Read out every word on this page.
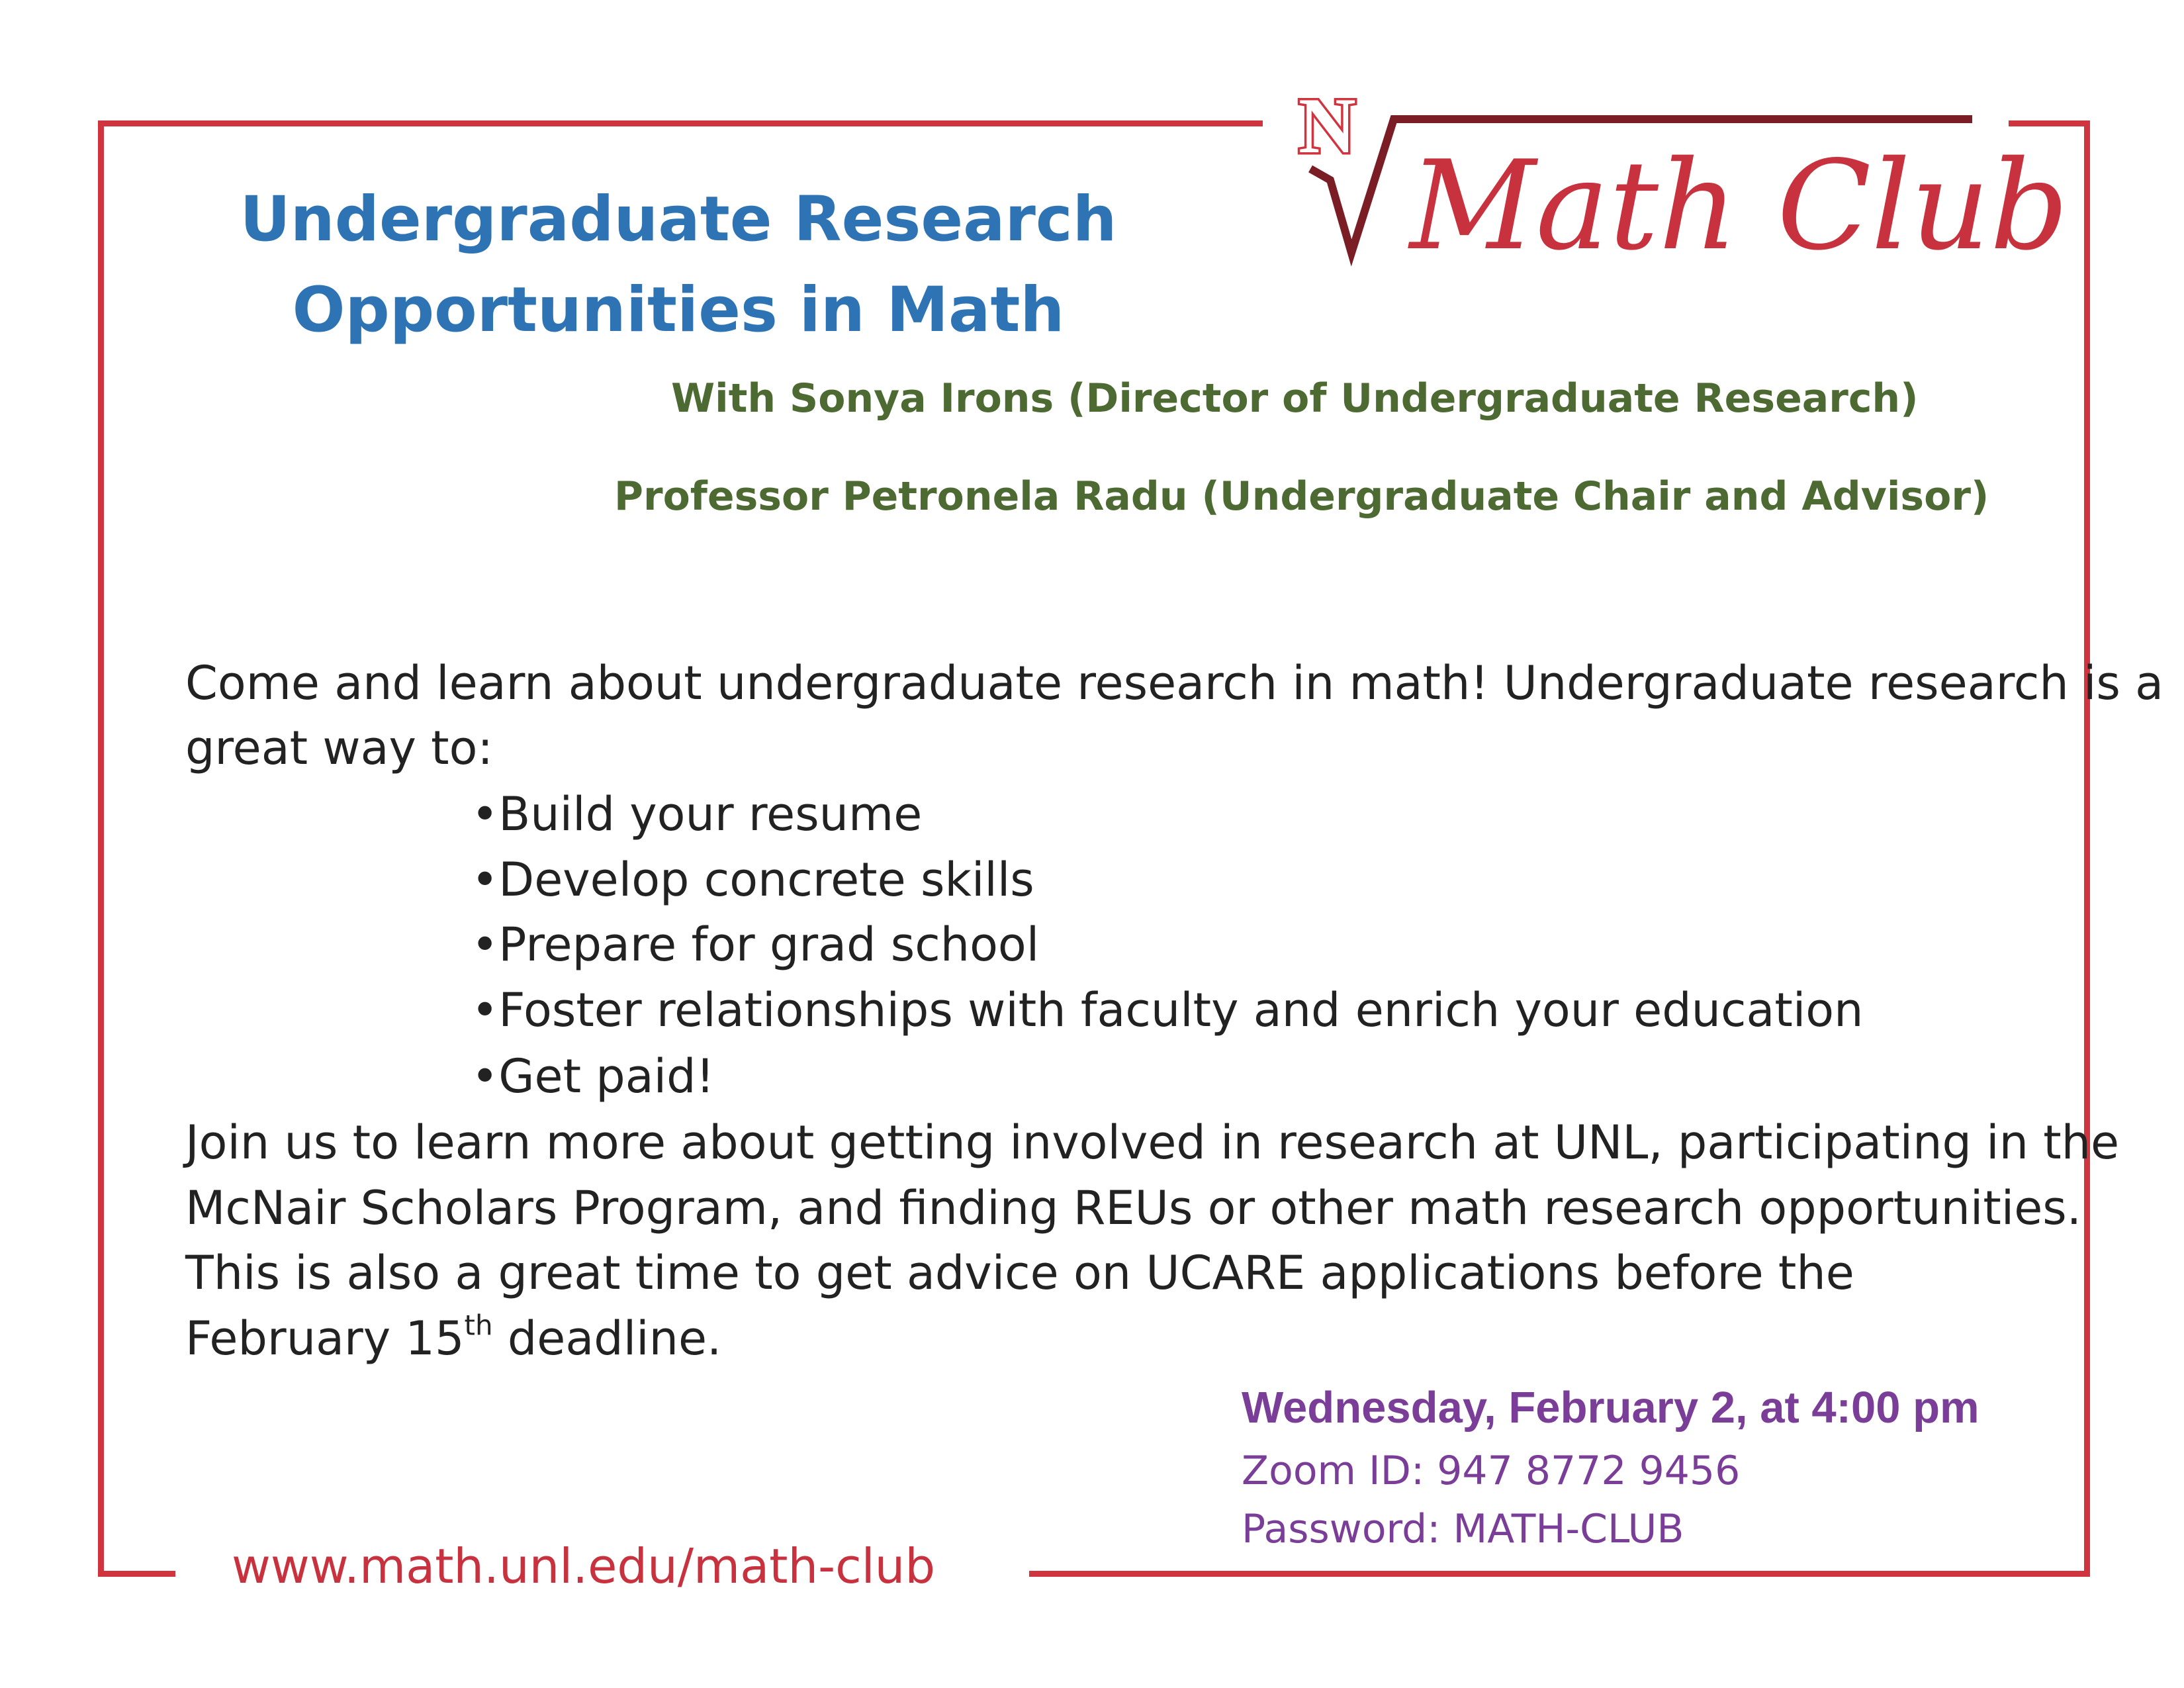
N
Math Club
Undergraduate Research
Opportunities in Math
With Sonya Irons (Director of Undergraduate Research)
Professor Petronela Radu (Undergraduate Chair and Advisor)
Come and learn about undergraduate research in math! Undergraduate research is a
great way to:
•Build your resume
•Develop concrete skills
•Prepare for grad school
•Foster relationships with faculty and enrich your education
•Get paid!
Join us to learn more about getting involved in research at UNL, participating in the
McNair Scholars Program, and finding REUs or other math research opportunities.
This is also a great time to get advice on UCARE applications before the
February 15th deadline.
Wednesday, February 2, at 4:00 pm
Zoom ID: 947 8772 9456
Password: MATH-CLUB
www.math.unl.edu/math-club
